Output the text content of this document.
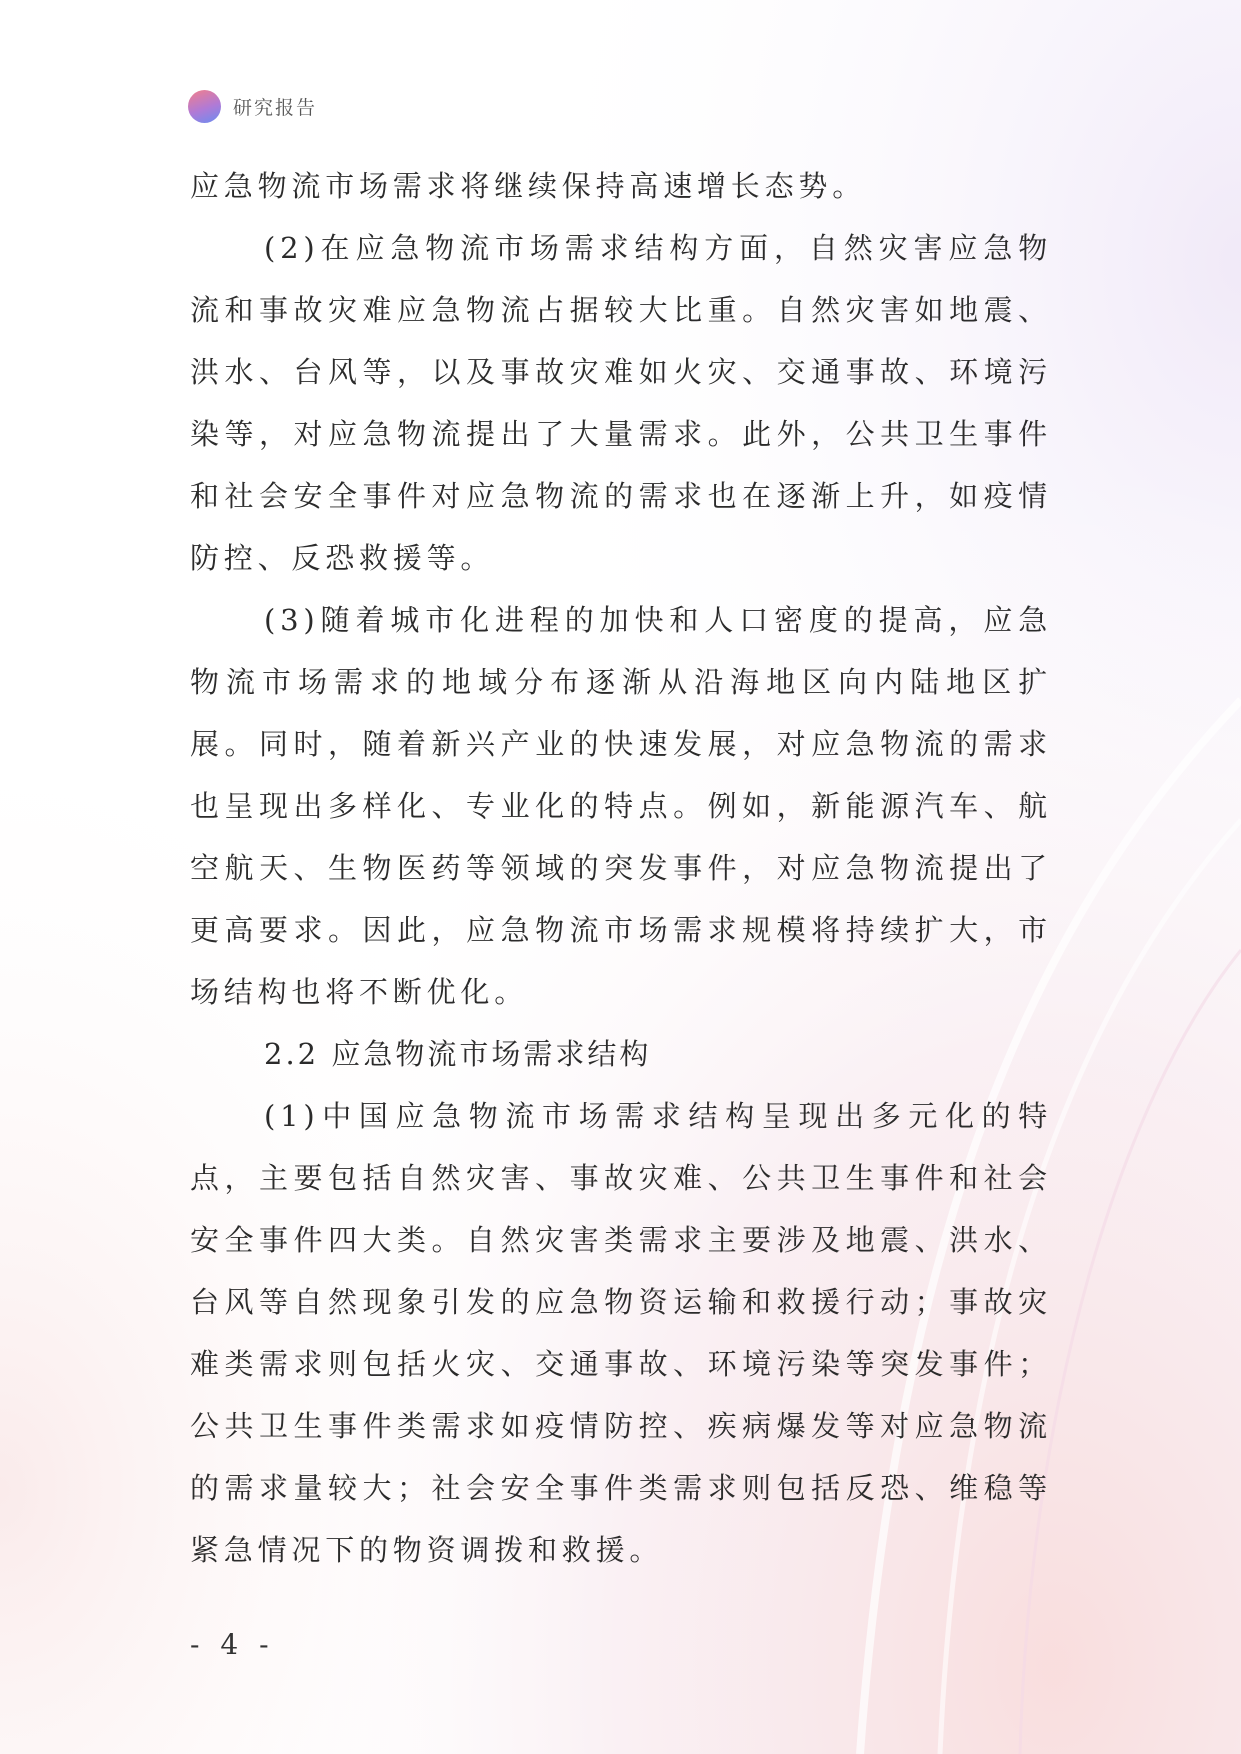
研究报告

应急物流市场需求将继续保持高速增长态势。

(2)在应急物流市场需求结构方面，自然灾害应急物流和事故灾难应急物流占据较大比重。自然灾害如地震、洪水、台风等，以及事故灾难如火灾、交通事故、环境污染等，对应急物流提出了大量需求。此外，公共卫生事件和社会安全事件对应急物流的需求也在逐渐上升，如疫情防控、反恐救援等。

(3)随着城市化进程的加快和人口密度的提高，应急物流市场需求的地域分布逐渐从沿海地区向内陆地区扩展。同时，随着新兴产业的快速发展，对应急物流的需求也呈现出多样化、专业化的特点。例如，新能源汽车、航空航天、生物医药等领域的突发事件，对应急物流提出了更高要求。因此，应急物流市场需求规模将持续扩大，市场结构也将不断优化。

2.2 应急物流市场需求结构

(1)中国应急物流市场需求结构呈现出多元化的特点，主要包括自然灾害、事故灾难、公共卫生事件和社会安全事件四大类。自然灾害类需求主要涉及地震、洪水、台风等自然现象引发的应急物资运输和救援行动；事故灾难类需求则包括火灾、交通事故、环境污染等突发事件；公共卫生事件类需求如疫情防控、疾病爆发等对应急物流的需求量较大；社会安全事件类需求则包括反恐、维稳等紧急情况下的物资调拨和救援。

- 4 -
